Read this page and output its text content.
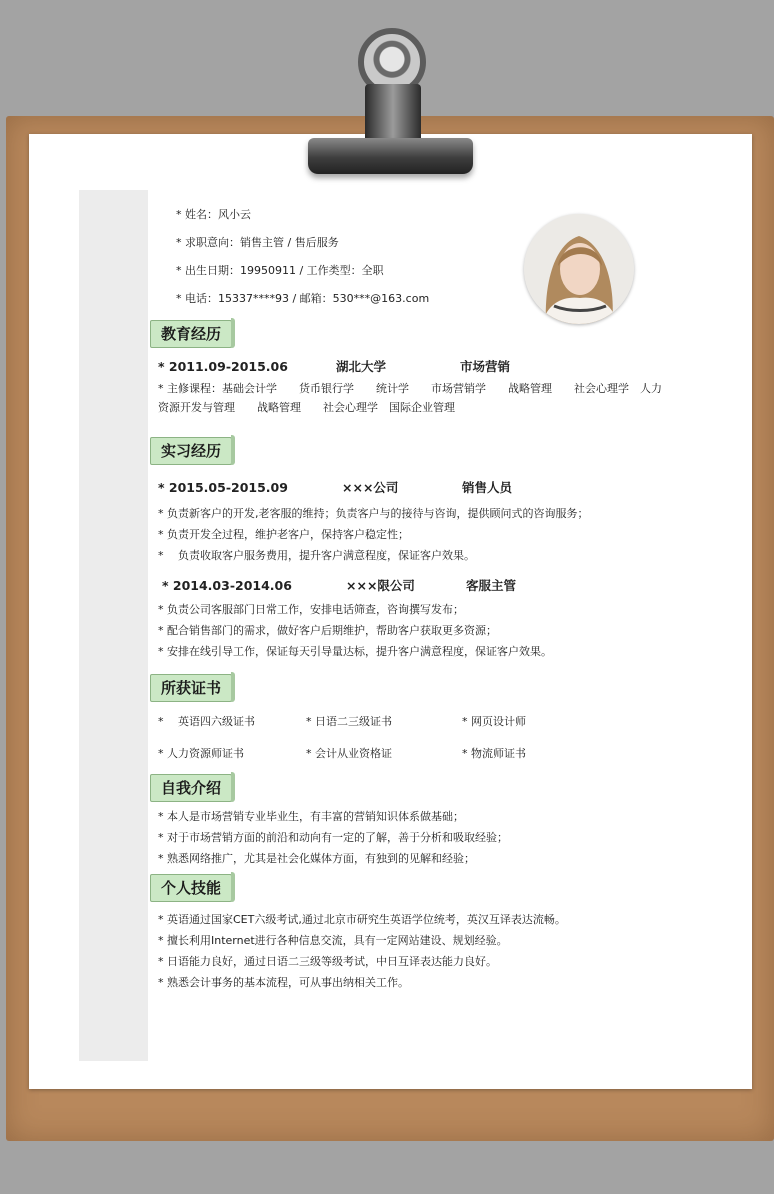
* 姓名：风小云
* 求职意向：销售主管 / 售后服务
* 出生日期：19950911 / 工作类型：全职
* 电话：15337****93 / 邮箱：530***@163.com
教育经历
* 2011.09-2015.06	湖北大学	市场营销
* 主修课程：基础会计学　　货币银行学　　统计学　　市场营销学　　战略管理　　社会心理学　人力
资源开发与管理　　战略管理　　社会心理学　国际企业管理
实习经历
* 2015.05-2015.09	×××公司	销售人员
* 负责新客户的开发,老客服的维持；负责客户与的接待与咨询，提供顾问式的咨询服务；
* 负责开发全过程，维护老客户，保持客户稳定性；
*　 负责收取客户服务费用，提升客户满意程度，保证客户效果。
* 2014.03-2014.06	×××限公司	客服主管
* 负责公司客服部门日常工作，安排电话筛查，咨询撰写发布；
* 配合销售部门的需求，做好客户后期维护，帮助客户获取更多资源；
* 安排在线引导工作，保证每天引导量达标，提升客户满意程度，保证客户效果。
所获证书
*　 英语四六级证书	* 日语二三级证书	* 网页设计师
* 人力资源师证书	* 会计从业资格证	* 物流师证书
自我介绍
* 本人是市场营销专业毕业生，有丰富的营销知识体系做基础；
* 对于市场营销方面的前沿和动向有一定的了解，善于分析和吸取经验；
* 熟悉网络推广，尤其是社会化媒体方面，有独到的见解和经验；
个人技能
* 英语通过国家CET六级考试,通过北京市研究生英语学位统考，英汉互译表达流畅。
* 擅长利用Internet进行各种信息交流，具有一定网站建设、规划经验。
* 日语能力良好，通过日语二三级等级考试，中日互译表达能力良好。
* 熟悉会计事务的基本流程，可从事出纳相关工作。
